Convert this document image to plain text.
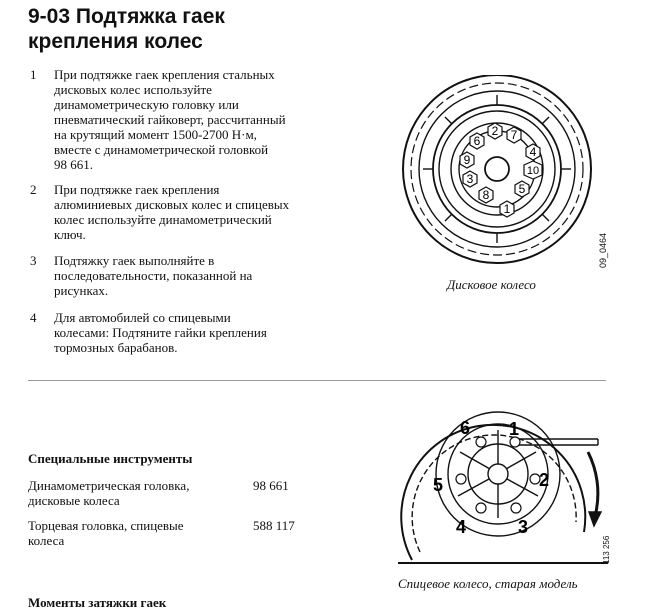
9-03 Подтяжка гаек
крепления колес
1 При подтяжке гаек крепления стальных
дисковых колес используйте
динамометрическую головку или
пневматический гайковерт, рассчитанный
на крутящий момент 1500-2700 Н·м,
вместе с динамометрической головкой
98 661.
2 При подтяжке гаек крепления
алюминиевых дисковых колес и спицевых
колес используйте динамометрический
ключ.
3 Подтяжку гаек выполняйте в
последовательности, показанной на
рисунках.
4 Для автомобилей со спицевыми
колесами: Подтяните гайки крепления
тормозных барабанов.
Специальные инструменты
Динамометрическая головка,
дисковые колеса
98 661
Торцевая головка, спицевые
колеса
588 117
Моменты затяжки гаек
1
2
3
4
5
6	7
8
9
10
09_0464
Дисковое колесо
1
2
3
4
5
6
113 256
Спицевое колесо, старая модель
